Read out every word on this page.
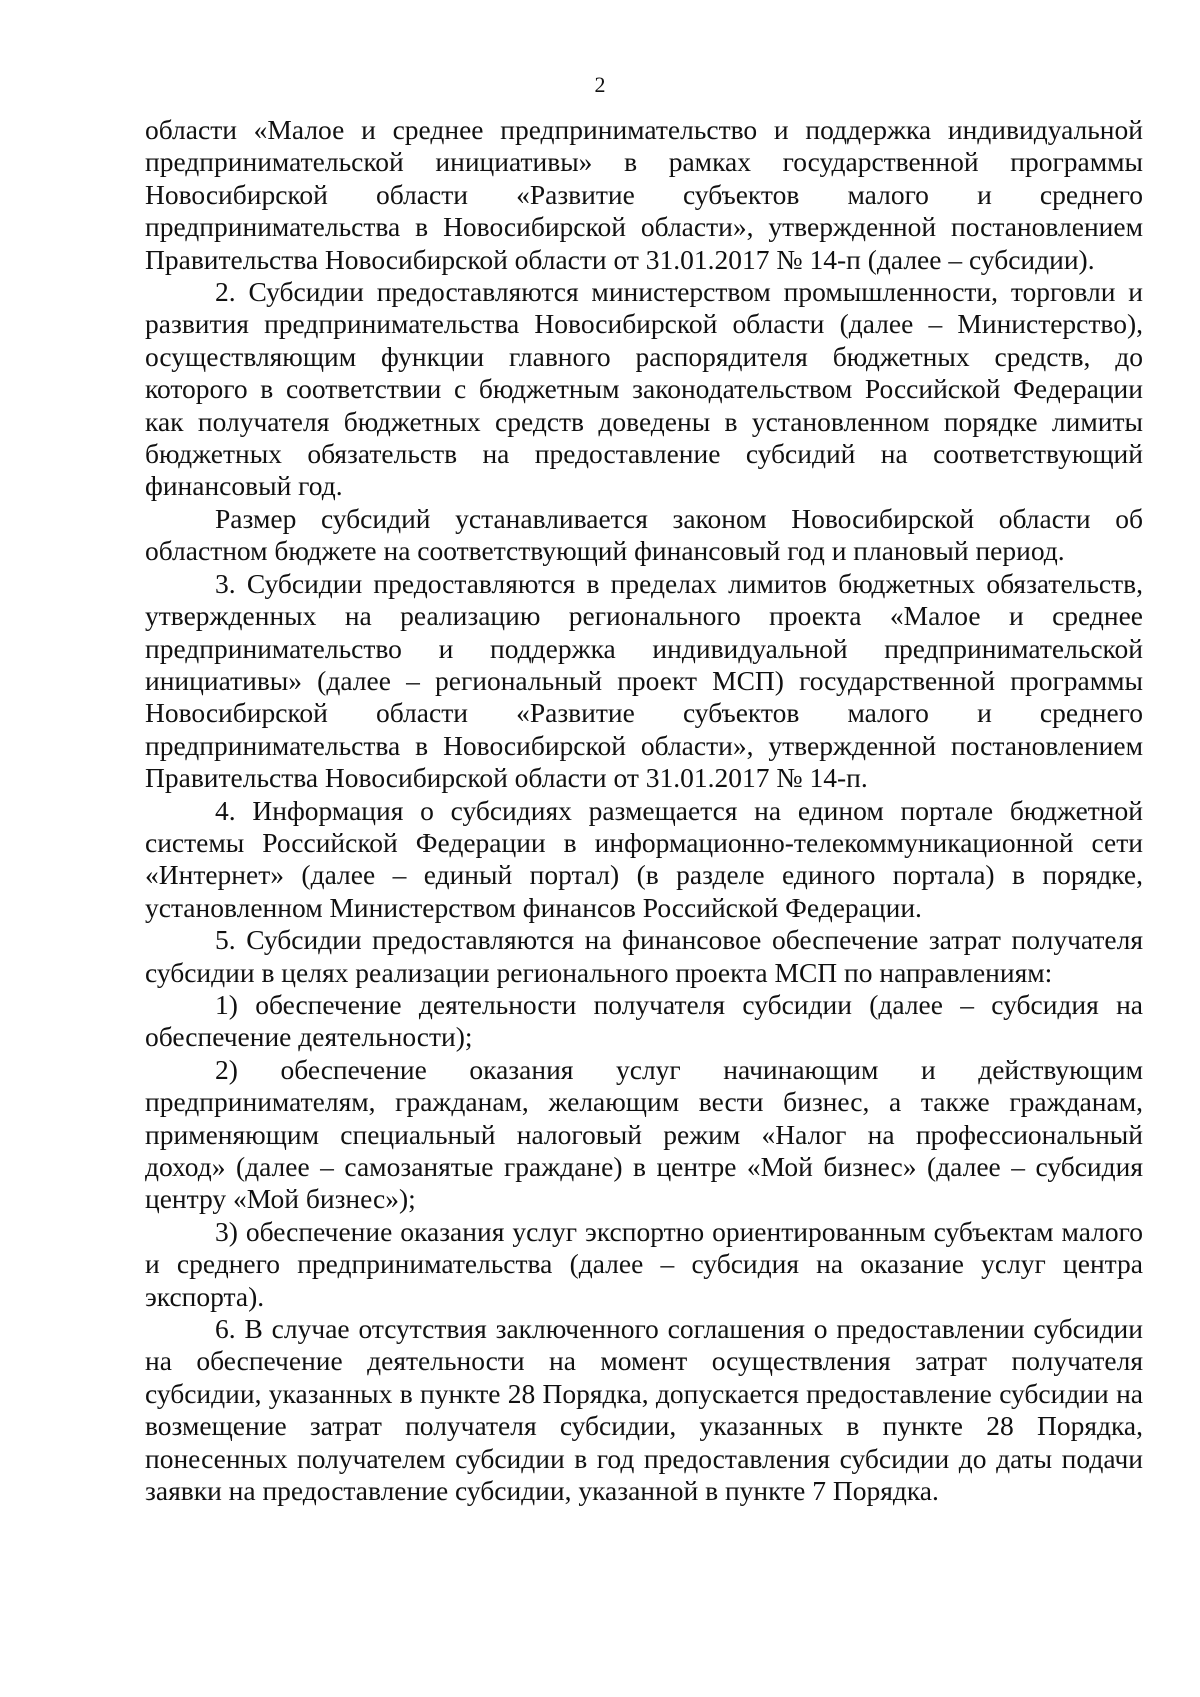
2

области «Малое и среднее предпринимательство и поддержка индивидуальной предпринимательской инициативы» в рамках государственной программы Новосибирской области «Развитие субъектов малого и среднего предпринимательства в Новосибирской области», утвержденной постановлением Правительства Новосибирской области от 31.01.2017 № 14-п (далее – субсидии).

2. Субсидии предоставляются министерством промышленности, торговли и развития предпринимательства Новосибирской области (далее – Министерство), осуществляющим функции главного распорядителя бюджетных средств, до которого в соответствии с бюджетным законодательством Российской Федерации как получателя бюджетных средств доведены в установленном порядке лимиты бюджетных обязательств на предоставление субсидий на соответствующий финансовый год.

Размер субсидий устанавливается законом Новосибирской области об областном бюджете на соответствующий финансовый год и плановый период.

3. Субсидии предоставляются в пределах лимитов бюджетных обязательств, утвержденных на реализацию регионального проекта «Малое и среднее предпринимательство и поддержка индивидуальной предпринимательской инициативы» (далее – региональный проект МСП) государственной программы Новосибирской области «Развитие субъектов малого и среднего предпринимательства в Новосибирской области», утвержденной постановлением Правительства Новосибирской области от 31.01.2017 № 14-п.

4. Информация о субсидиях размещается на едином портале бюджетной системы Российской Федерации в информационно-телекоммуникационной сети «Интернет» (далее – единый портал) (в разделе единого портала) в порядке, установленном Министерством финансов Российской Федерации.

5. Субсидии предоставляются на финансовое обеспечение затрат получателя субсидии в целях реализации регионального проекта МСП по направлениям:

1) обеспечение деятельности получателя субсидии (далее – субсидия на обеспечение деятельности);

2) обеспечение оказания услуг начинающим и действующим предпринимателям, гражданам, желающим вести бизнес, а также гражданам, применяющим специальный налоговый режим «Налог на профессиональный доход» (далее – самозанятые граждане) в центре «Мой бизнес» (далее – субсидия центру «Мой бизнес»);

3) обеспечение оказания услуг экспортно ориентированным субъектам малого и среднего предпринимательства (далее – субсидия на оказание услуг центра экспорта).

6. В случае отсутствия заключенного соглашения о предоставлении субсидии на обеспечение деятельности на момент осуществления затрат получателя субсидии, указанных в пункте 28 Порядка, допускается предоставление субсидии на возмещение затрат получателя субсидии, указанных в пункте 28 Порядка, понесенных получателем субсидии в год предоставления субсидии до даты подачи заявки на предоставление субсидии, указанной в пункте 7 Порядка.
